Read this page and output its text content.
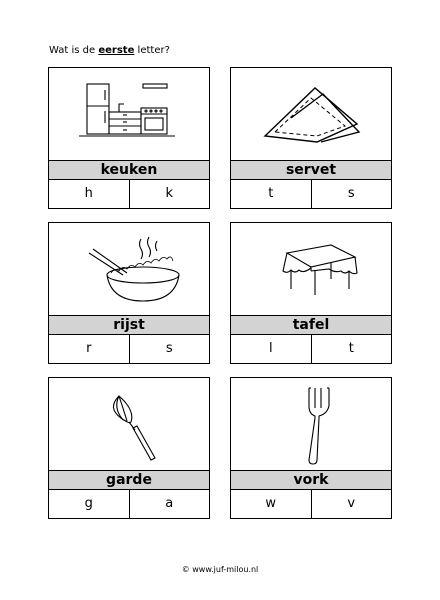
Wat is de eerste letter?
keuken
h	k
servet
t	s
rijst
r	s
tafel
l	t
garde
g	a
vork
w	v
© www.juf-milou.nl
